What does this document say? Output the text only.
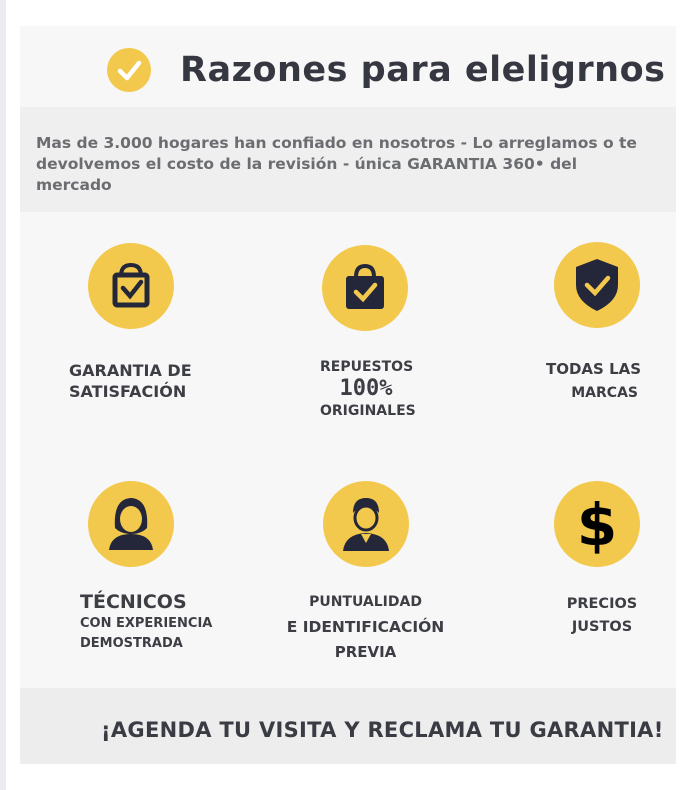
Razones para eleligrnos
Mas de 3.000 hogares han confiado en nosotros - Lo arreglamos o te
devolvemos el costo de la revisión - única GARANTIA 360• del mercado
GARANTIA DE
SATISFACIÓN
REPUESTOS
100%
ORIGINALES
TODAS LAS
MARCAS
$
TÉCNICOS
CON EXPERIENCIA
DEMOSTRADA
PUNTUALIDAD
E IDENTIFICACIÓN
PREVIA
PRECIOS
JUSTOS
¡AGENDA TU VISITA Y RECLAMA TU GARANTIA!
